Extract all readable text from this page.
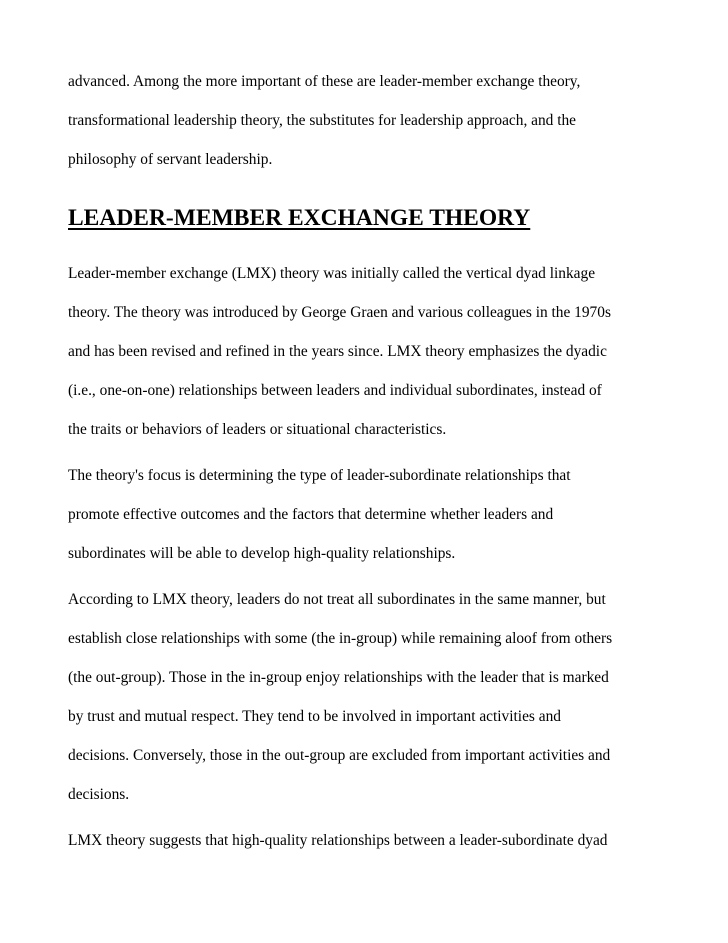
advanced. Among the more important of these are leader-member exchange theory,
transformational leadership theory, the substitutes for leadership approach, and the
philosophy of servant leadership.
LEADER-MEMBER EXCHANGE THEORY
Leader-member exchange (LMX) theory was initially called the vertical dyad linkage
theory. The theory was introduced by George Graen and various colleagues in the 1970s
and has been revised and refined in the years since. LMX theory emphasizes the dyadic
(i.e., one-on-one) relationships between leaders and individual subordinates, instead of
the traits or behaviors of leaders or situational characteristics.
The theory's focus is determining the type of leader-subordinate relationships that
promote effective outcomes and the factors that determine whether leaders and
subordinates will be able to develop high-quality relationships.
According to LMX theory, leaders do not treat all subordinates in the same manner, but
establish close relationships with some (the in-group) while remaining aloof from others
(the out-group). Those in the in-group enjoy relationships with the leader that is marked
by trust and mutual respect. They tend to be involved in important activities and
decisions. Conversely, those in the out-group are excluded from important activities and
decisions.
LMX theory suggests that high-quality relationships between a leader-subordinate dyad
